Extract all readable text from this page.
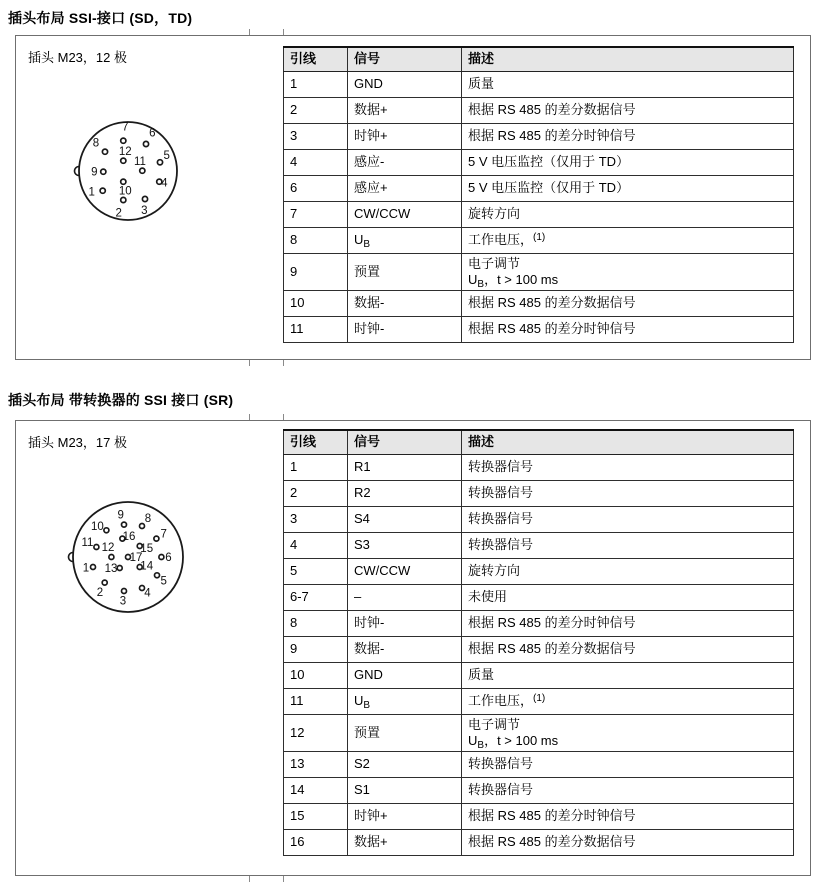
插头布局 SSI-接口 (SD，TD)
插头 M23，12 极
7 6
8
12	5
11
9
4
10
1
2 3
引线	信号	描述
1	GND	质量
2	数据+	根据 RS 485 的差分数据信号
3	时钟+	根据 RS 485 的差分时钟信号
4	感应-	5 V 电压监控（仅用于 TD）
6	感应+	5 V 电压监控（仅用于 TD）
7	CW/CCW	旋转方向
8	$U_B$	工作电压，$^{(1)}$
9	预置	电子调节
$U_B$，t > 100 ms
10	数据-	根据 RS 485 的差分数据信号
11	时钟-	根据 RS 485 的差分时钟信号
插头布局 带转换器的 SSI 接口 (SR)
插头 M23，17 极
9 8
10
16 7
11	15
12
17 6
1 13 14
5
2	4
3
引线	信号	描述
1	R1	转换器信号
2	R2	转换器信号
3	S4	转换器信号
4	S3	转换器信号
5	CW/CCW	旋转方向
6-7	–	未使用
8	时钟-	根据 RS 485 的差分时钟信号
9	数据-	根据 RS 485 的差分数据信号
10	GND	质量
11	$U_B$	工作电压，$^{(1)}$
12	预置	电子调节
$U_B$，t > 100 ms
13	S2	转换器信号
14	S1	转换器信号
15	时钟+	根据 RS 485 的差分时钟信号
16	数据+	根据 RS 485 的差分数据信号
